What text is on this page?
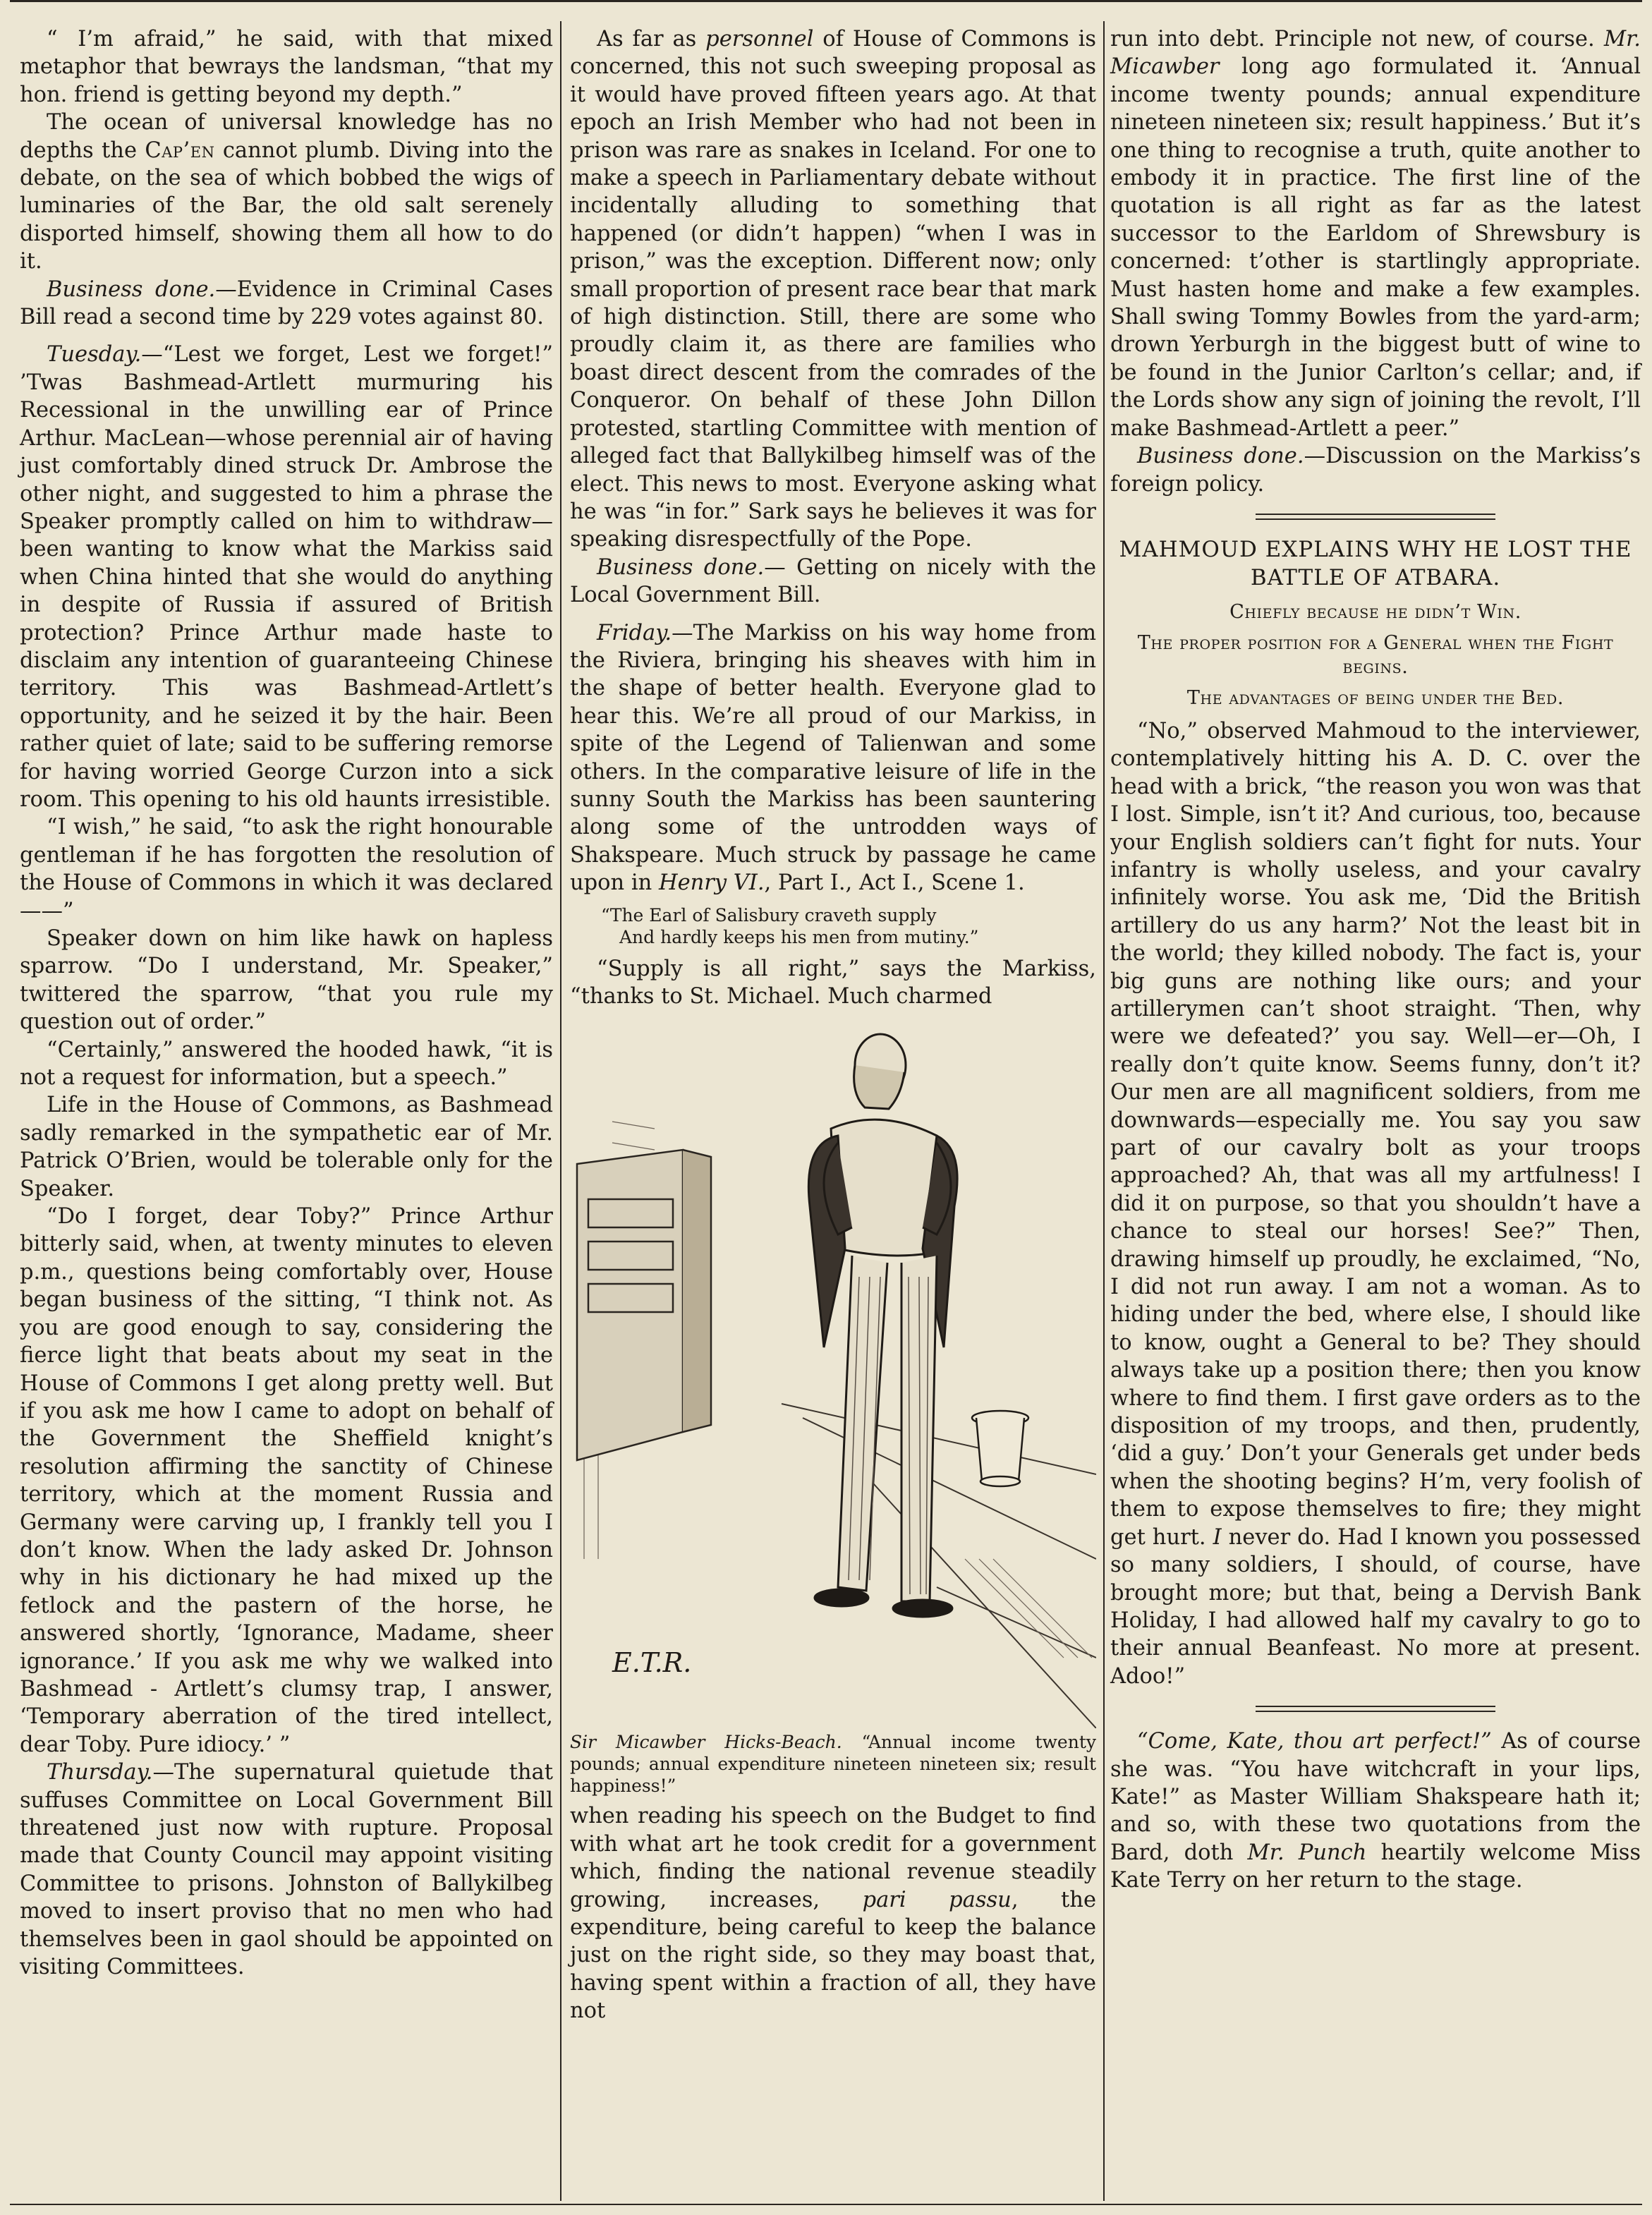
“ I’m afraid,” he said, with that mixed metaphor that bewrays the landsman, “that my hon. friend is getting beyond my depth.”

The ocean of universal knowledge has no depths the Cap’en cannot plumb. Diving into the debate, on the sea of which bobbed the wigs of luminaries of the Bar, the old salt serenely disported himself, showing them all how to do it.

Business done.—Evidence in Criminal Cases Bill read a second time by 229 votes against 80.

Tuesday.—“Lest we forget, Lest we forget!” ’Twas Bashmead-Artlett murmuring his Recessional in the unwilling ear of Prince Arthur. MacLean—whose perennial air of having just comfortably dined struck Dr. Ambrose the other night, and suggested to him a phrase the Speaker promptly called on him to withdraw—been wanting to know what the Markiss said when China hinted that she would do anything in despite of Russia if assured of British protection? Prince Arthur made haste to disclaim any intention of guaranteeing Chinese territory. This was Bashmead-Artlett’s opportunity, and he seized it by the hair. Been rather quiet of late; said to be suffering remorse for having worried George Curzon into a sick room. This opening to his old haunts irresistible.

“I wish,” he said, “to ask the right honourable gentleman if he has forgotten the resolution of the House of Commons in which it was declared——”

Speaker down on him like hawk on hapless sparrow. “Do I understand, Mr. Speaker,” twittered the sparrow, “that you rule my question out of order.”

“Certainly,” answered the hooded hawk, “it is not a request for information, but a speech.”

Life in the House of Commons, as Bashmead sadly remarked in the sympathetic ear of Mr. Patrick O’Brien, would be tolerable only for the Speaker.

“Do I forget, dear Toby?” Prince Arthur bitterly said, when, at twenty minutes to eleven p.m., questions being comfortably over, House began business of the sitting, “I think not. As you are good enough to say, considering the fierce light that beats about my seat in the House of Commons I get along pretty well. But if you ask me how I came to adopt on behalf of the Government the Sheffield knight’s resolution affirming the sanctity of Chinese territory, which at the moment Russia and Germany were carving up, I frankly tell you I don’t know. When the lady asked Dr. Johnson why in his dictionary he had mixed up the fetlock and the pastern of the horse, he answered shortly, ‘Ignorance, Madame, sheer ignorance.’ If you ask me why we walked into Bashmead - Artlett’s clumsy trap, I answer, ‘Temporary aberration of the tired intellect, dear Toby. Pure idiocy.’ ”

Thursday.—The supernatural quietude that suffuses Committee on Local Government Bill threatened just now with rupture. Proposal made that County Council may appoint visiting Committee to prisons. Johnston of Ballykilbeg moved to insert proviso that no men who had themselves been in gaol should be appointed on visiting Committees.

As far as personnel of House of Commons is concerned, this not such sweeping proposal as it would have proved fifteen years ago. At that epoch an Irish Member who had not been in prison was rare as snakes in Iceland. For one to make a speech in Parliamentary debate without incidentally alluding to something that happened (or didn’t happen) “when I was in prison,” was the exception. Different now; only small proportion of present race bear that mark of high distinction. Still, there are some who proudly claim it, as there are families who boast direct descent from the comrades of the Conqueror. On behalf of these John Dillon protested, startling Committee with mention of alleged fact that Ballykilbeg himself was of the elect. This news to most. Everyone asking what he was “in for.” Sark says he believes it was for speaking disrespectfully of the Pope.

Business done.— Getting on nicely with the Local Government Bill.

Friday.—The Markiss on his way home from the Riviera, bringing his sheaves with him in the shape of better health. Everyone glad to hear this. We’re all proud of our Markiss, in spite of the Legend of Talienwan and some others. In the comparative leisure of life in the sunny South the Markiss has been sauntering along some of the untrodden ways of Shakspeare. Much struck by passage he came upon in Henry VI., Part I., Act I., Scene 1.

“The Earl of Salisbury craveth supply
And hardly keeps his men from mutiny.”

“Supply is all right,” says the Markiss, “thanks to St. Michael. Much charmed

E.T.R.
Sir Micawber Hicks-Beach. “Annual income twenty pounds; annual expenditure nineteen nineteen six; result happiness!”

when reading his speech on the Budget to find with what art he took credit for a government which, finding the national revenue steadily growing, increases, pari passu, the expenditure, being careful to keep the balance just on the right side, so they may boast that, having spent within a fraction of all, they have not

run into debt. Principle not new, of course. Mr. Micawber long ago formulated it. ‘Annual income twenty pounds; annual expenditure nineteen nineteen six; result happiness.’ But it’s one thing to recognise a truth, quite another to embody it in practice. The first line of the quotation is all right as far as the latest successor to the Earldom of Shrewsbury is concerned: t’other is startlingly appropriate. Must hasten home and make a few examples. Shall swing Tommy Bowles from the yard-arm; drown Yerburgh in the biggest butt of wine to be found in the Junior Carlton’s cellar; and, if the Lords show any sign of joining the revolt, I’ll make Bashmead-Artlett a peer.”

Business done.—Discussion on the Markiss’s foreign policy.

MAHMOUD EXPLAINS WHY HE LOST THE BATTLE OF ATBARA.
Chiefly because he didn’t Win.
The proper position for a General when the Fight begins.
The advantages of being under the Bed.

“No,” observed Mahmoud to the interviewer, contemplatively hitting his A. D. C. over the head with a brick, “the reason you won was that I lost. Simple, isn’t it? And curious, too, because your English soldiers can’t fight for nuts. Your infantry is wholly useless, and your cavalry infinitely worse. You ask me, ‘Did the British artillery do us any harm?’ Not the least bit in the world; they killed nobody. The fact is, your big guns are nothing like ours; and your artillerymen can’t shoot straight. ‘Then, why were we defeated?’ you say. Well—er—Oh, I really don’t quite know. Seems funny, don’t it? Our men are all magnificent soldiers, from me downwards—especially me. You say you saw part of our cavalry bolt as your troops approached? Ah, that was all my artfulness! I did it on purpose, so that you shouldn’t have a chance to steal our horses! See?” Then, drawing himself up proudly, he exclaimed, “No, I did not run away. I am not a woman. As to hiding under the bed, where else, I should like to know, ought a General to be? They should always take up a position there; then you know where to find them. I first gave orders as to the disposition of my troops, and then, prudently, ‘did a guy.’ Don’t your Generals get under beds when the shooting begins? H’m, very foolish of them to expose themselves to fire; they might get hurt. I never do. Had I known you possessed so many soldiers, I should, of course, have brought more; but that, being a Dervish Bank Holiday, I had allowed half my cavalry to go to their annual Beanfeast. No more at present. Adoo!”

“Come, Kate, thou art perfect!” As of course she was. “You have witchcraft in your lips, Kate!” as Master William Shakspeare hath it; and so, with these two quotations from the Bard, doth Mr. Punch heartily welcome Miss Kate Terry on her return to the stage.
